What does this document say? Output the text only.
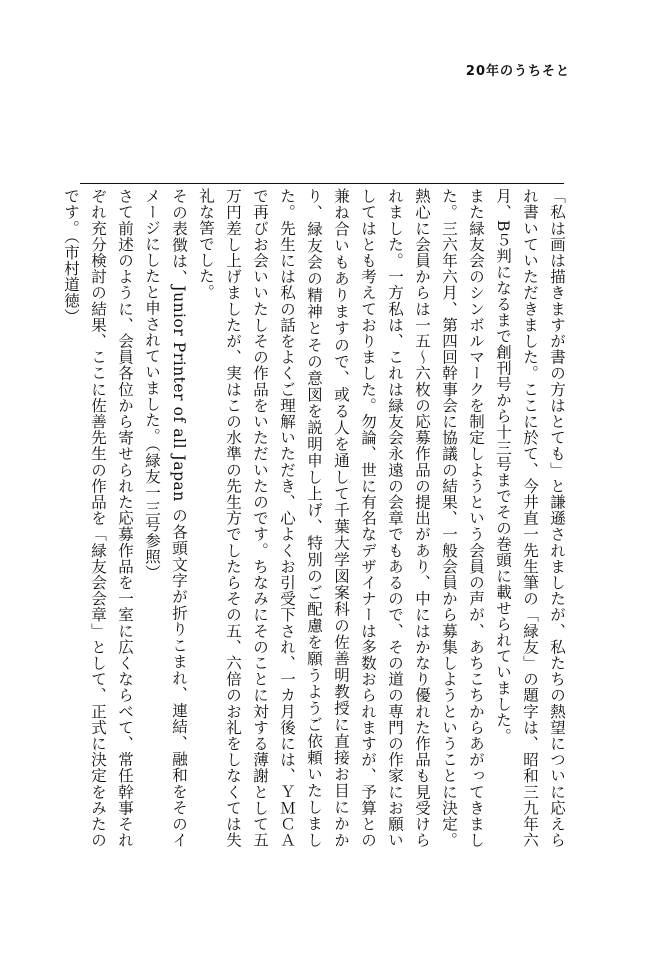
20年のうちそと

「私は画は描きますが書の方はとても」と謙遜されましたが、私たちの熱望についに応えられ書いていただきました。ここに於て、今井直一先生筆の「緑友」の題字は、昭和三九年六月、B５判になるまで創刊号から十三号までその巻頭に載せられていました。

また緑友会のシンボルマークを制定しようという会員の声が、あちこちからあがってきました。三六年六月、第四回幹事会に協議の結果、一般会員から募集しようということに決定。熱心に会員からは一五～六枚の応募作品の提出があり、中にはかなり優れた作品も見受けられました。一方私は、これは緑友会永遠の会章でもあるので、その道の専門の作家にお願いしてはとも考えておりました。勿論、世に有名なデザイナーは多数おられますが、予算との兼ね合いもありますので、或る人を通して千葉大学図案科の佐善明教授に直接お目にかかり、緑友会の精神とその意図を説明申し上げ、特別のご配慮を願うようご依頼いたしました。先生には私の話をよくご理解いただき、心よくお引受下され、一カ月後には、ＹＭＣＡで再びお会いいたしその作品をいただいたのです。ちなみにそのことに対する薄謝として五万円差し上げましたが、実はこの水準の先生方でしたらその五、六倍のお礼をしなくては失礼な筈でした。

その表徴は、Junior Printer of all Japan の各頭文字が折りこまれ、連結、融和をそのイメージにしたと申されていました。（緑友一三号参照）

さて前述のように、会員各位から寄せられた応募作品を一室に広くならべて、常任幹事それぞれ充分検討の結果、ここに佐善先生の作品を「緑友会会章」として、正式に決定をみたのです。（市村道徳）
